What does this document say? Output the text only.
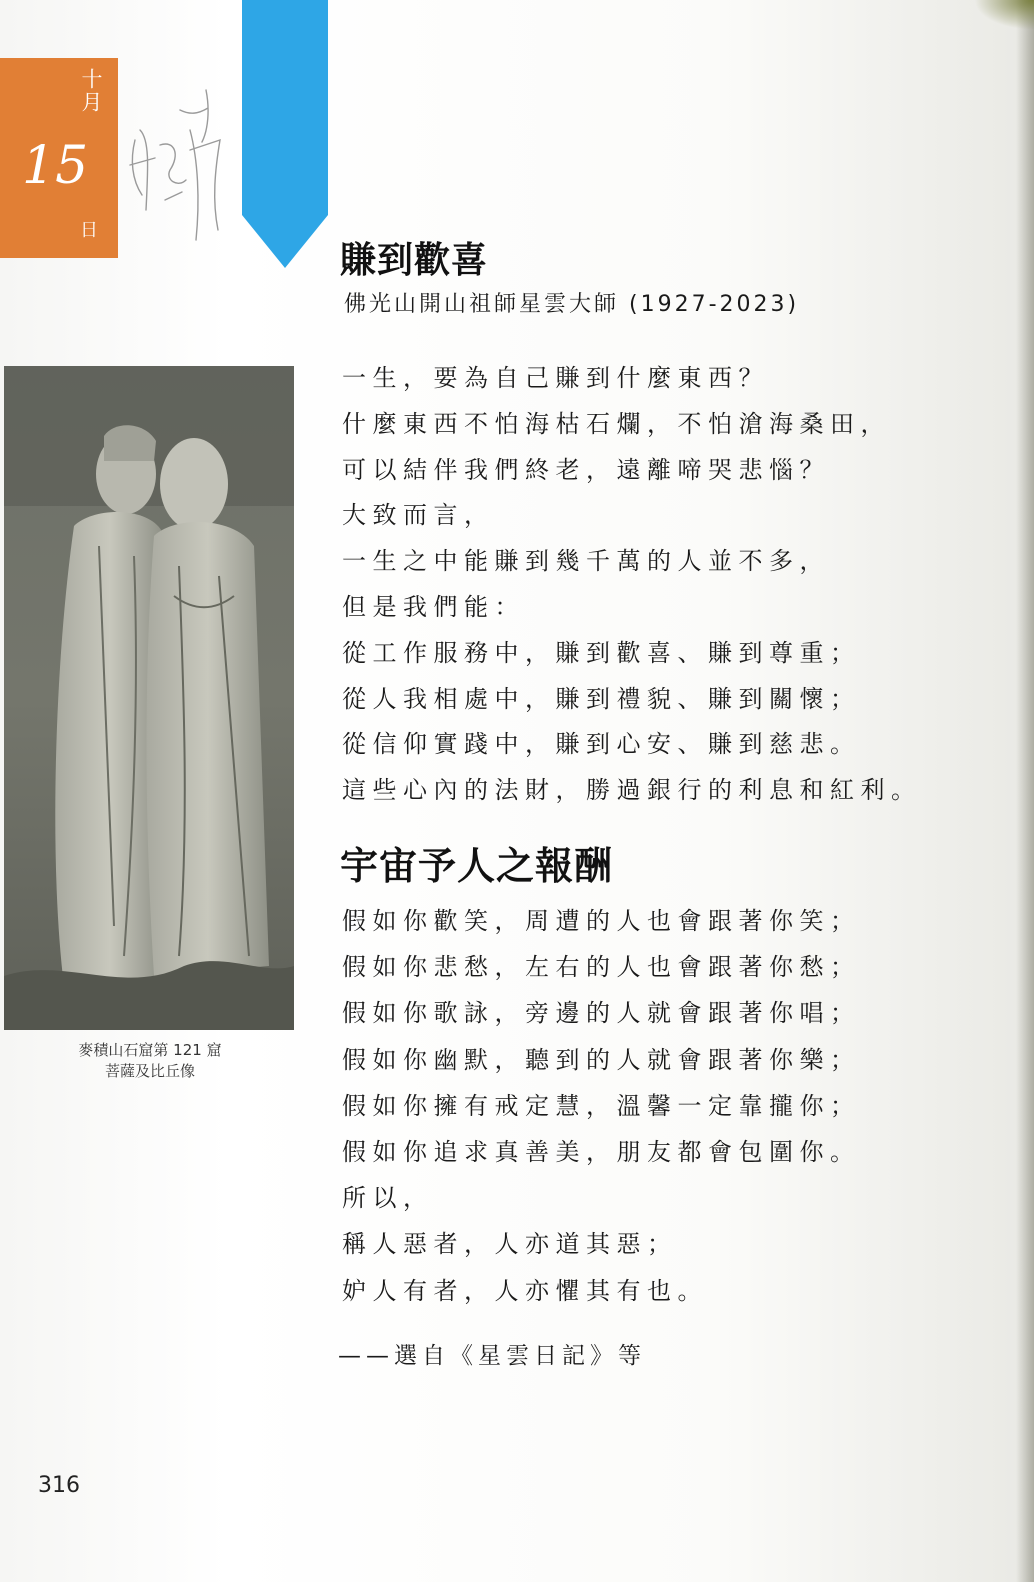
十月
15
日
麥積山石窟第 121 窟
菩薩及比丘像
賺到歡喜
佛光山開山祖師星雲大師 (1927-2023)
一生，要為自己賺到什麼東西？
什麼東西不怕海枯石爛，不怕滄海桑田，
可以結伴我們終老，遠離啼哭悲惱？
大致而言，
一生之中能賺到幾千萬的人並不多，
但是我們能：
從工作服務中，賺到歡喜、賺到尊重；
從人我相處中，賺到禮貌、賺到關懷；
從信仰實踐中，賺到心安、賺到慈悲。
這些心內的法財，勝過銀行的利息和紅利。
宇宙予人之報酬
假如你歡笑，周遭的人也會跟著你笑；
假如你悲愁，左右的人也會跟著你愁；
假如你歌詠，旁邊的人就會跟著你唱；
假如你幽默，聽到的人就會跟著你樂；
假如你擁有戒定慧，溫馨一定靠攏你；
假如你追求真善美，朋友都會包圍你。
所以，
稱人惡者，人亦道其惡；
妒人有者，人亦懼其有也。
——選自《星雲日記》等
316
